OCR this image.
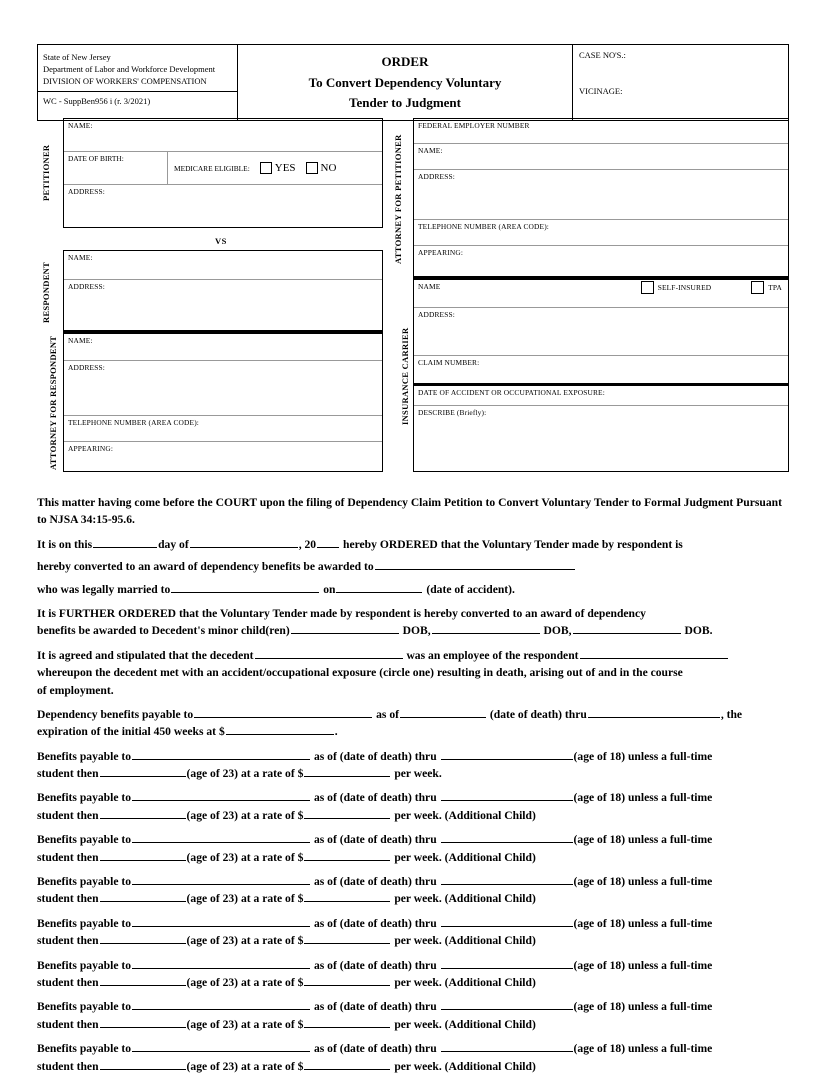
State of New Jersey
Department of Labor and Workforce Development
DIVISION OF WORKERS' COMPENSATION
WC - SuppBen956 i (r. 3/2021)
ORDER
To Convert Dependency Voluntary
Tender to Judgment
CASE NO'S.:
VICINAGE:
PETITIONER
NAME:
DATE OF BIRTH:
MEDICARE ELIGIBLE: YES NO
ADDRESS:
VS
RESPONDENT
NAME:
ADDRESS:
ATTORNEY FOR RESPONDENT	NAME:
ADDRESS:
TELEPHONE NUMBER (AREA CODE):
APPEARING:
ATTORNEY FOR PETITIONER
FEDERAL EMPLOYER NUMBER
NAME:
ADDRESS:
TELEPHONE NUMBER (AREA CODE):
APPEARING:
INSURANCE CARRIER
NAME	SELF-INSURED	TPA
ADDRESS:
CLAIM NUMBER:
DATE OF ACCIDENT OR OCCUPATIONAL EXPOSURE:
DESCRIBE (Briefly):

This matter having come before the COURT upon the filing of Dependency Claim Petition to Convert Voluntary Tender to Formal Judgment Pursuant to NJSA 34:15-95.6.

It is on this	day of	, 20 hereby ORDERED that the Voluntary Tender made by respondent is

hereby converted to an award of dependency benefits be awarded to

who was legally married to	on	(date of accident).

It is FURTHER ORDERED that the Voluntary Tender made by respondent is hereby converted to an award of dependency

benefits be awarded to Decedent's minor child(ren)	DOB,	DOB,	DOB.

It is agreed and stipulated that the decedent	was an employee of the respondent

whereupon the decedent met with an accident/occupational exposure (circle one) resulting in death, arising out of and in the course

of employment.

Dependency benefits payable to	as of	(date of death) thru	, the

expiration of the initial 450 weeks at $	.

Benefits payable to	as of (date of death) thru	(age of 18) unless a full-time

student then	(age of 23) at a rate of $	per week.

Benefits payable to	as of (date of death) thru	(age of 18) unless a full-time

student then	(age of 23) at a rate of $	per week. (Additional Child)

Benefits payable to	as of (date of death) thru	(age of 18) unless a full-time

student then	(age of 23) at a rate of $	per week. (Additional Child)

Benefits payable to	as of (date of death) thru	(age of 18) unless a full-time

student then	(age of 23) at a rate of $	per week. (Additional Child)

Benefits payable to	as of (date of death) thru	(age of 18) unless a full-time

student then	(age of 23) at a rate of $	per week. (Additional Child)

Benefits payable to	as of (date of death) thru	(age of 18) unless a full-time

student then	(age of 23) at a rate of $	per week. (Additional Child)

Benefits payable to	as of (date of death) thru	(age of 18) unless a full-time

student then	(age of 23) at a rate of $	per week. (Additional Child)

Benefits payable to	as of (date of death) thru	(age of 18) unless a full-time

student then	(age of 23) at a rate of $	per week. (Additional Child)
